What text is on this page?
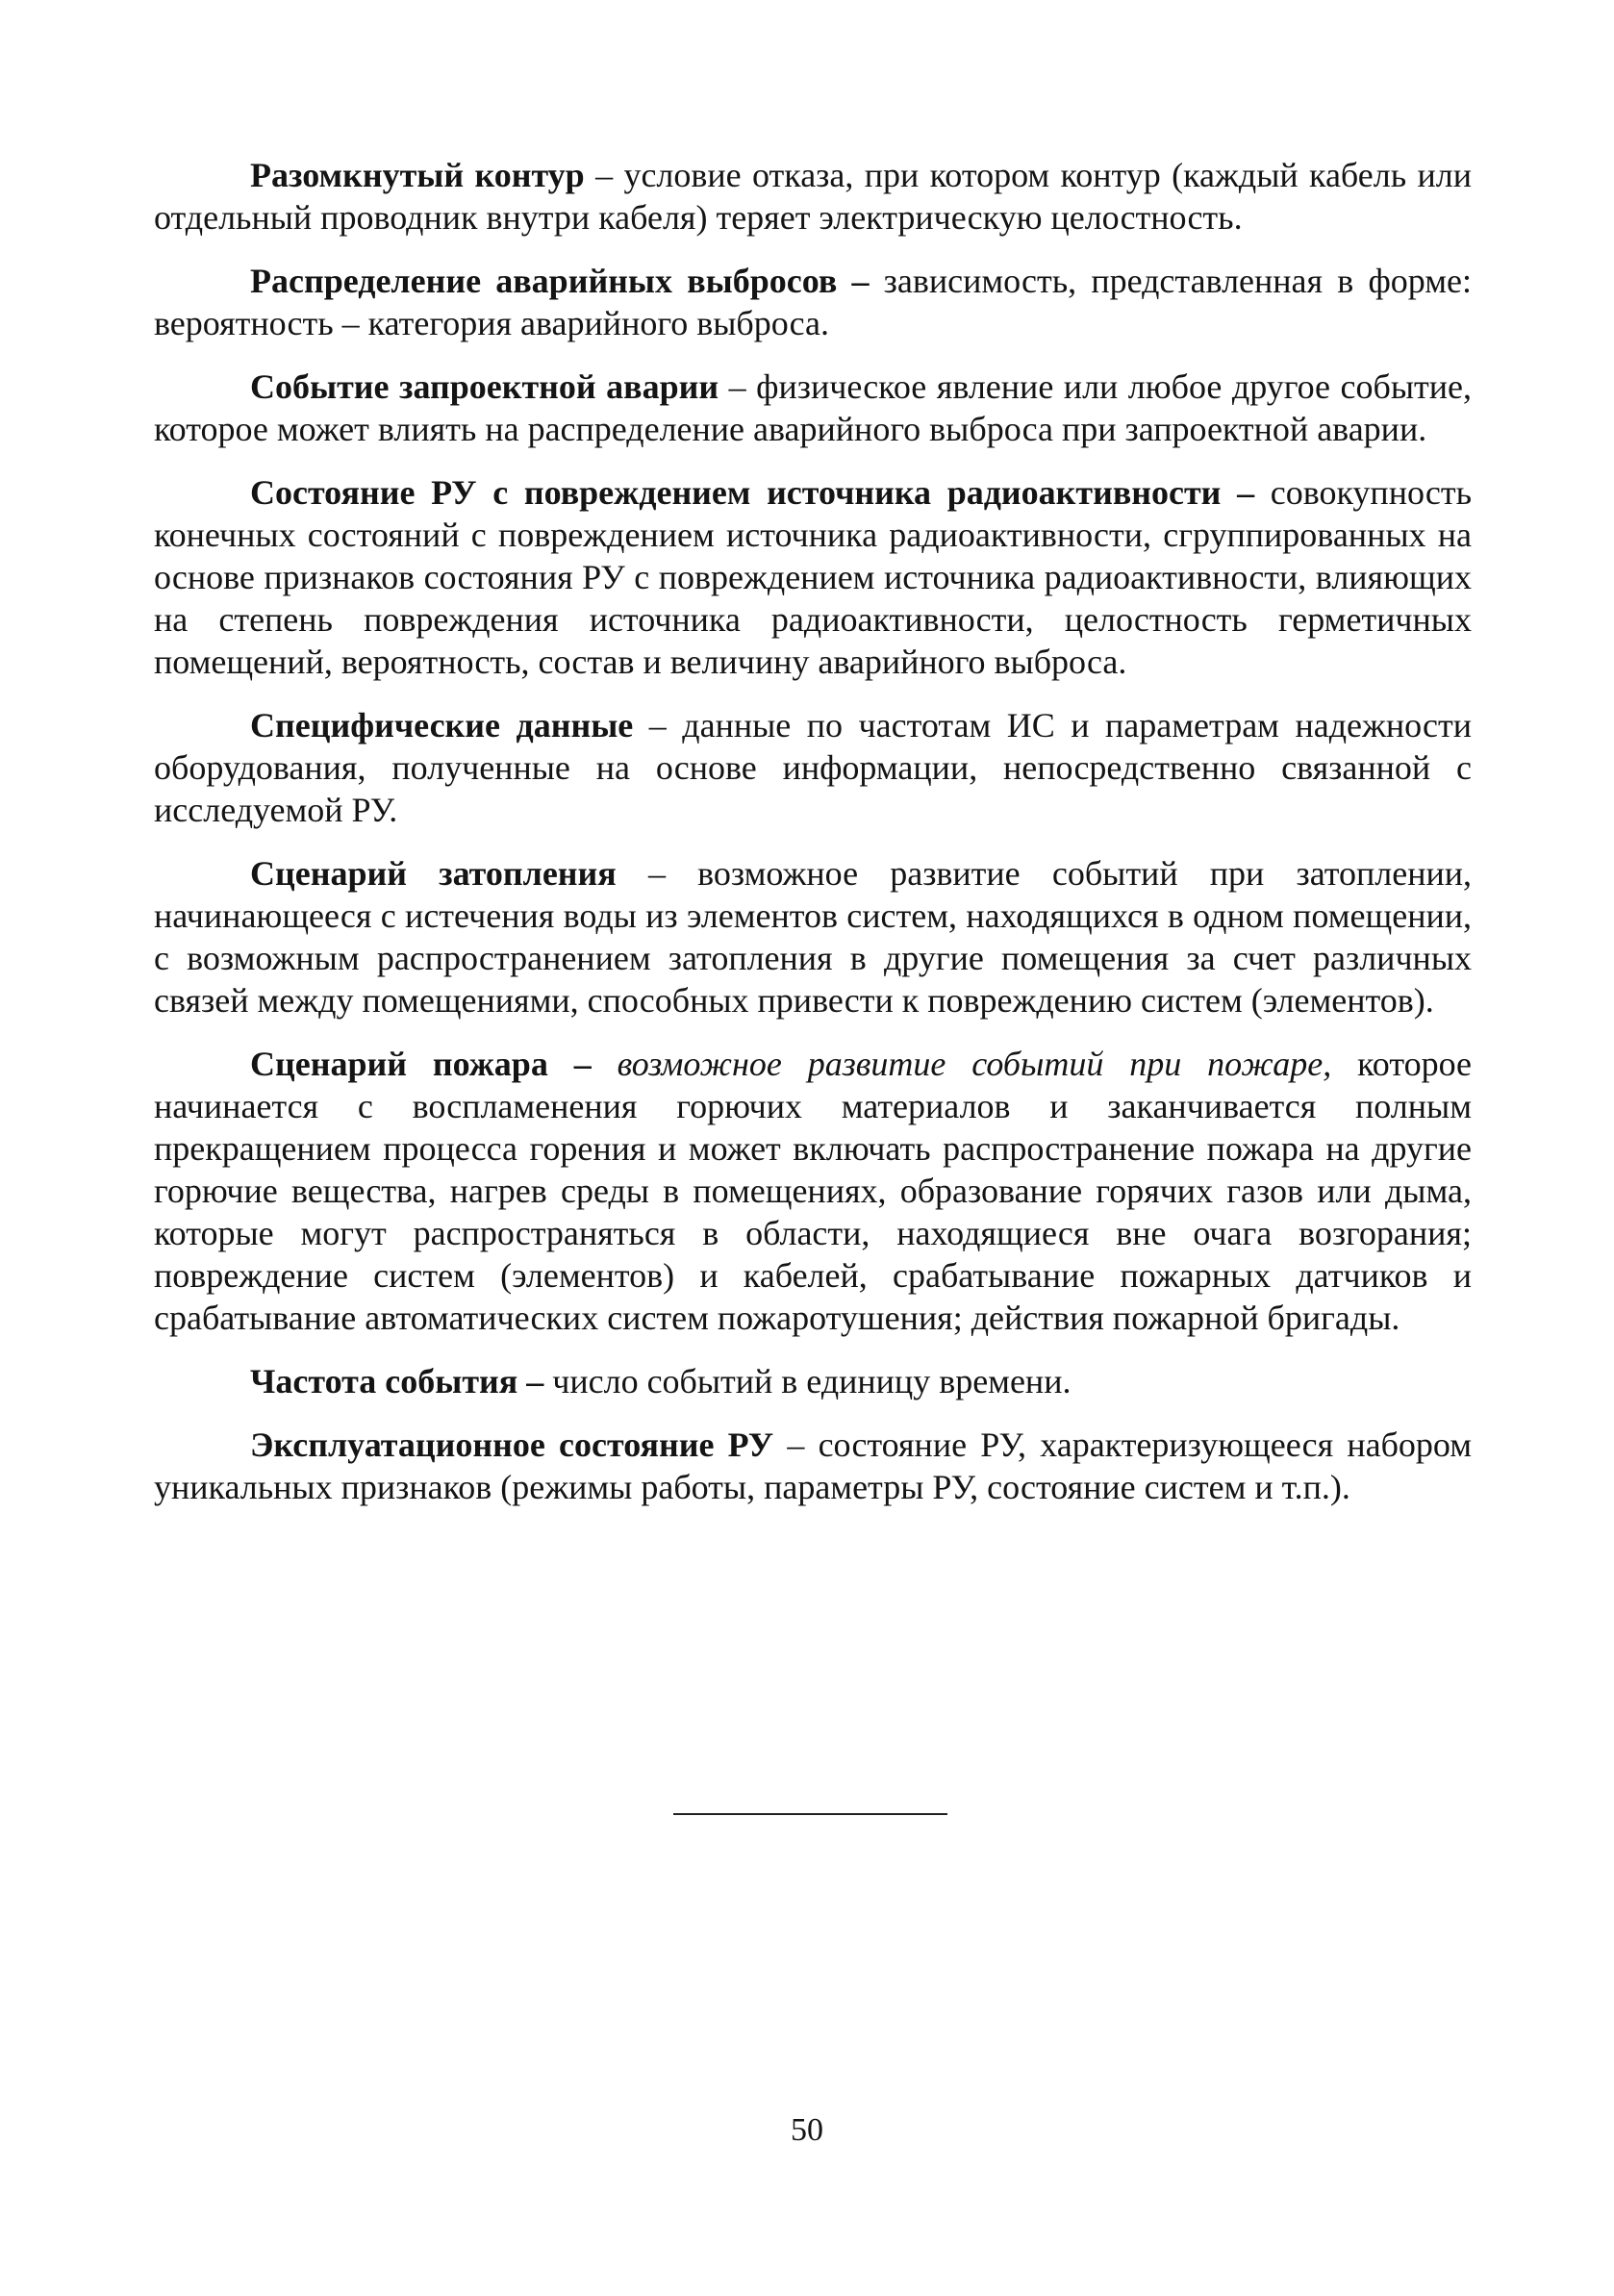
Разомкнутый контур – условие отказа, при котором контур (каждый кабель или отдельный проводник внутри кабеля) теряет электрическую целостность.

Распределение аварийных выбросов – зависимость, представленная в форме: вероятность – категория аварийного выброса.

Событие запроектной аварии – физическое явление или любое другое событие, которое может влиять на распределение аварийного выброса при запроектной аварии.

Состояние РУ с повреждением источника радиоактивности – совокупность конечных состояний с повреждением источника радиоактивности, сгруппированных на основе признаков состояния РУ с повреждением источника радиоактивности, влияющих на степень повреждения источника радиоактивности, целостность герметичных помещений, вероятность, состав и величину аварийного выброса.

Специфические данные – данные по частотам ИС и параметрам надежности оборудования, полученные на основе информации, непосредственно связанной с исследуемой РУ.

Сценарий затопления – возможное развитие событий при затоплении, начинающееся с истечения воды из элементов систем, находящихся в одном помещении, с возможным распространением затопления в другие помещения за счет различных связей между помещениями, способных привести к повреждению систем (элементов).

Сценарий пожара – возможное развитие событий при пожаре, которое начинается с воспламенения горючих материалов и заканчивается полным прекращением процесса горения и может включать распространение пожара на другие горючие вещества, нагрев среды в помещениях, образование горячих газов или дыма, которые могут распространяться в области, находящиеся вне очага возгорания; повреждение систем (элементов) и кабелей, срабатывание пожарных датчиков и срабатывание автоматических систем пожаротушения; действия пожарной бригады.

Частота события – число событий в единицу времени.

Эксплуатационное состояние РУ – состояние РУ, характеризующееся набором уникальных признаков (режимы работы, параметры РУ, состояние систем и т.п.).

50
